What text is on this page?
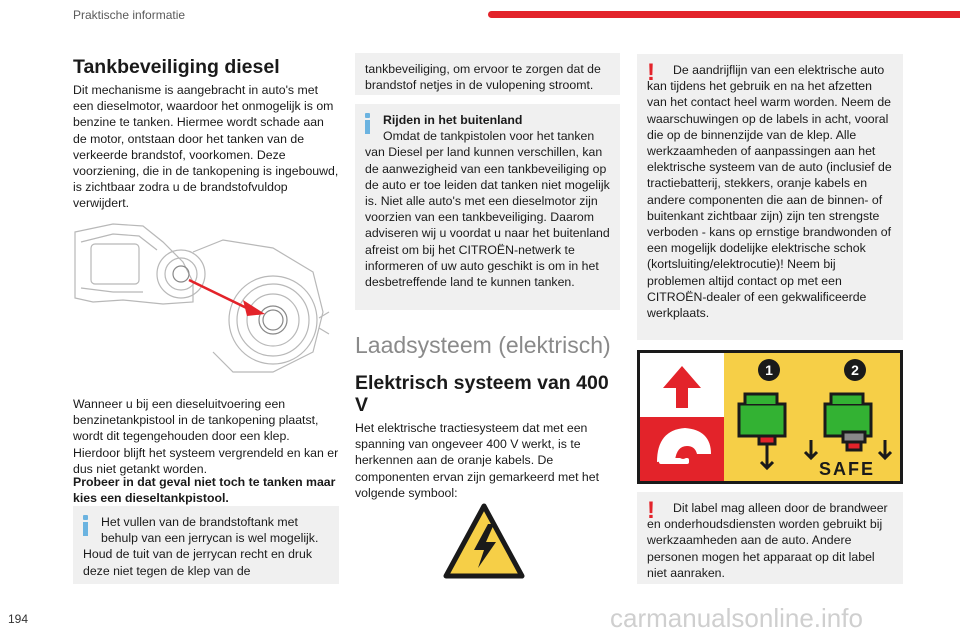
Praktische informatie
Tankbeveiliging diesel
Dit mechanisme is aangebracht in auto's met een dieselmotor, waardoor het onmogelijk is om benzine te tanken. Hiermee wordt schade aan de motor, ontstaan door het tanken van de verkeerde brandstof, voorkomen. Deze voorziening, die in de tankopening is ingebouwd, is zichtbaar zodra u de brandstofvuldop verwijdert.
Wanneer u bij een dieseluitvoering een benzinetankpistool in de tankopening plaatst, wordt dit tegengehouden door een klep. Hierdoor blijft het systeem vergrendeld en kan er dus niet getankt worden.
Probeer in dat geval niet toch te tanken maar kies een dieseltankpistool.
Het vullen van de brandstoftank met behulp van een jerrycan is wel mogelijk.
Houd de tuit van de jerrycan recht en druk deze niet tegen de klep van de
tankbeveiliging, om ervoor te zorgen dat de brandstof netjes in de vulopening stroomt.
Rijden in het buitenland
Omdat de tankpistolen voor het tanken van Diesel per land kunnen verschillen, kan de aanwezigheid van een tankbeveiliging op de auto er toe leiden dat tanken niet mogelijk is. Niet alle auto's met een dieselmotor zijn voorzien van een tankbeveiliging. Daarom adviseren wij u voordat u naar het buitenland afreist om bij het CITROËN-netwerk te informeren of uw auto geschikt is om in het desbetreffende land te kunnen tanken.
Laadsysteem (elektrisch)
Elektrisch systeem van 400 V
Het elektrische tractiesysteem dat met een spanning van ongeveer 400 V werkt, is te herkennen aan de oranje kabels. De componenten ervan zijn gemarkeerd met het volgende symbool:
!	De aandrijflijn van een elektrische auto kan tijdens het gebruik en na het afzetten van het contact heel warm worden. Neem de waarschuwingen op de labels in acht, vooral die op de binnenzijde van de klep. Alle werkzaamheden of aanpassingen aan het elektrische systeem van de auto (inclusief de tractiebatterij, stekkers, oranje kabels en andere componenten die aan de binnen- of buitenkant zichtbaar zijn) zijn ten strengste verboden - kans op ernstige brandwonden of een mogelijk dodelijke elektrische schok (kortsluiting/elektrocutie)! Neem bij problemen altijd contact op met een CITROËN-dealer of een gekwalificeerde werkplaats.
1	2
SAFE
!	Dit label mag alleen door de brandweer en onderhoudsdiensten worden gebruikt bij werkzaamheden aan de auto. Andere personen mogen het apparaat op dit label niet aanraken.
194	carmanualsonline.info
